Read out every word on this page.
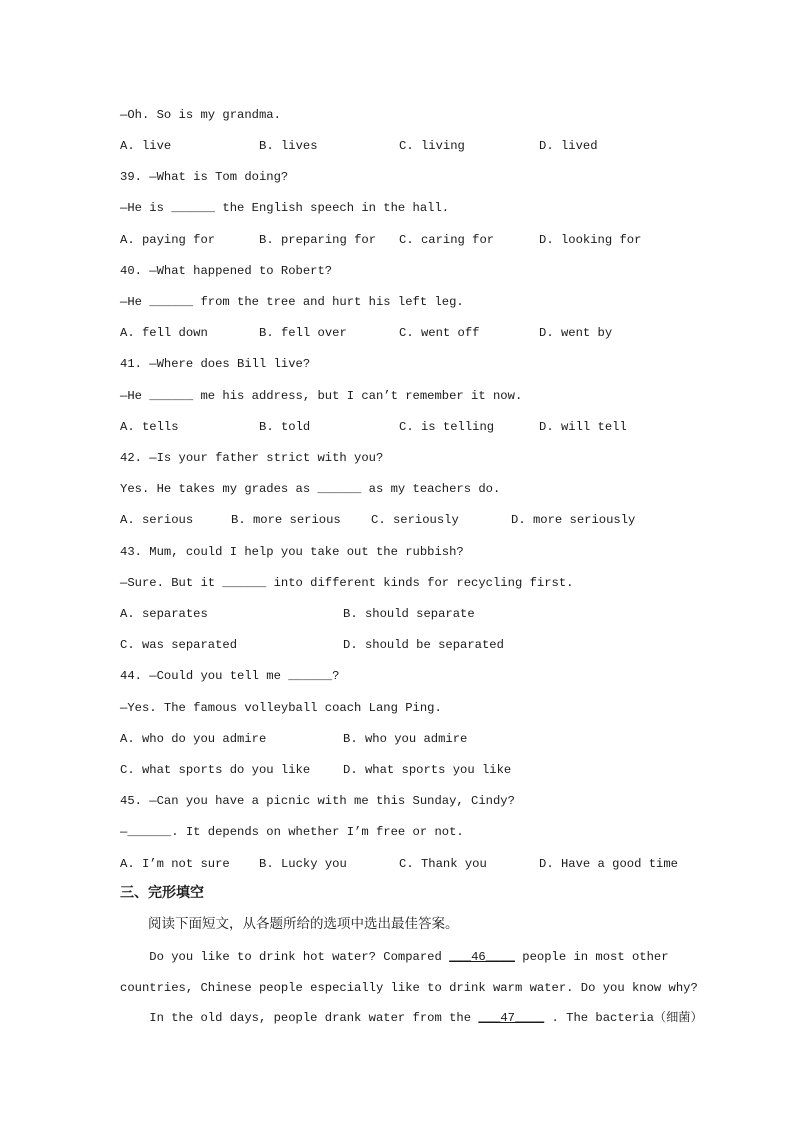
—Oh. So is my grandma.
A. live	B. lives	C. living	D. lived
39. —What is Tom doing?
—He is ______ the English speech in the hall.
A. paying for	B. preparing for C. caring for	D. looking for
40. —What happened to Robert?
—He ______ from the tree and hurt his left leg.
A. fell down	B. fell over	C. went off	D. went by
41. —Where does Bill live?
—He ______ me his address, but I can’t remember it now.
A. tells	B. told	C. is telling	D. will tell
42. —Is your father strict with you?
Yes. He takes my grades as ______ as my teachers do.
A. serious	B. more serious C. seriously	D. more seriously
43. Mum, could I help you take out the rubbish?
—Sure. But it ______ into different kinds for recycling first.
A. separates	B. should separate
C. was separated	D. should be separated
44. —Could you tell me ______?
—Yes. The famous volleyball coach Lang Ping.
A. who do you admire	B. who you admire
C. what sports do you like	D. what sports you like
45. —Can you have a picnic with me this Sunday, Cindy?
—______. It depends on whether I’m free or not.
A. I’m not sure B. Lucky you	C. Thank you	D. Have a good time
三、完形填空
阅读下面短文，从各题所给的选项中选出最佳答案。
Do you like to drink hot water? Compared ___46____ people in most other
countries, Chinese people especially like to drink warm water. Do you know why?
In the old days, people drank water from the ___47____ . The bacteria（细菌）
